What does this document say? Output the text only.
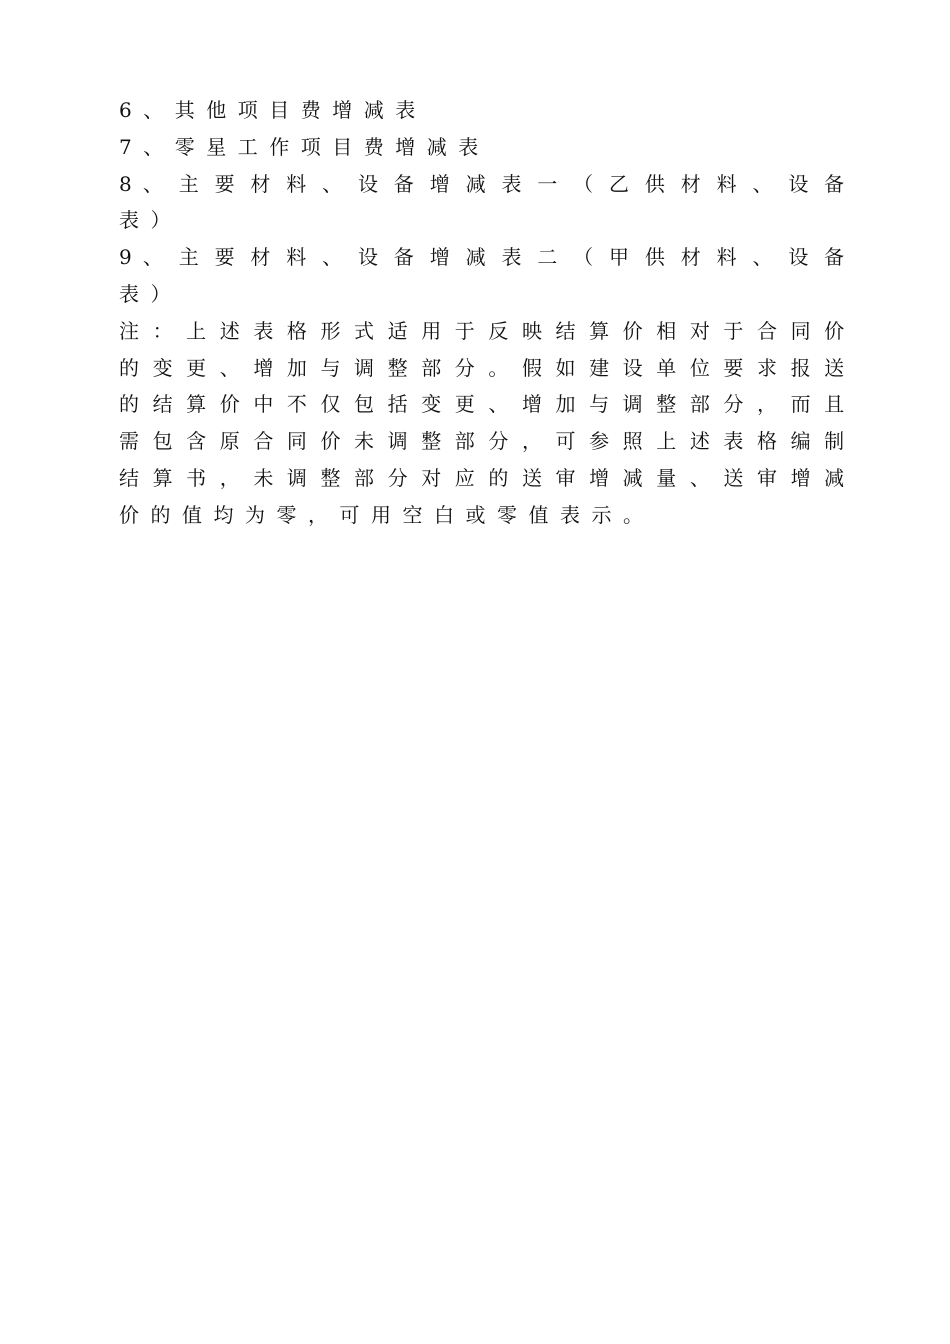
6、其他项目费增减表
7、零星工作项目费增减表
8 、 主 要 材 料 、 设 备 增 减 表 一 （ 乙 供 材 料 、 设 备
表）
9 、 主 要 材 料 、 设 备 增 减 表 二 （ 甲 供 材 料 、 设 备
表）
注 ： 上 述 表 格 形 式 适 用 于 反 映 结 算 价 相 对 于 合 同 价
的 变 更 、 增 加 与 调 整 部 分 。 假 如 建 设 单 位 要 求 报 送
的 结 算 价 中 不 仅 包 括 变 更 、 增 加 与 调 整 部 分 ， 而 且
需 包 含 原 合 同 价 未 调 整 部 分 ， 可 参 照 上 述 表 格 编 制
结 算 书 ， 未 调 整 部 分 对 应 的 送 审 增 减 量 、 送 审 增 减
价的值均为零，可用空白或零值表示。
